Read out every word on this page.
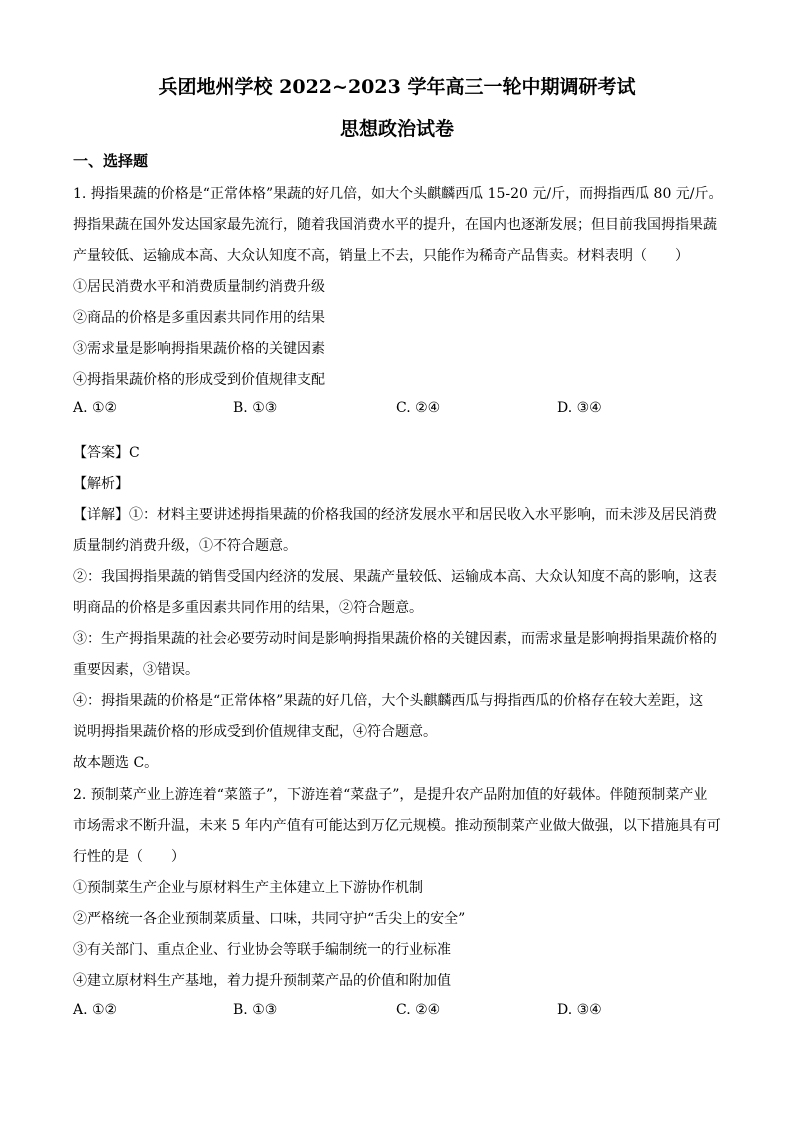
兵团地州学校 2022~2023 学年高三一轮中期调研考试
思想政治试卷
一、选择题
1. 拇指果蔬的价格是“正常体格”果蔬的好几倍，如大个头麒麟西瓜 15-20 元/斤，而拇指西瓜 80 元/斤。
拇指果蔬在国外发达国家最先流行，随着我国消费水平的提升，在国内也逐渐发展；但目前我国拇指果蔬
产量较低、运输成本高、大众认知度不高，销量上不去，只能作为稀奇产品售卖。材料表明（　　）
①居民消费水平和消费质量制约消费升级
②商品的价格是多重因素共同作用的结果
③需求量是影响拇指果蔬价格的关键因素
④拇指果蔬价格的形成受到价值规律支配
A. ①②	B. ①③	C. ②④	D. ③④
【答案】C
【解析】
【详解】①：材料主要讲述拇指果蔬的价格我国的经济发展水平和居民收入水平影响，而未涉及居民消费
质量制约消费升级，①不符合题意。
②：我国拇指果蔬的销售受国内经济的发展、果蔬产量较低、运输成本高、大众认知度不高的影响，这表
明商品的价格是多重因素共同作用的结果，②符合题意。
③：生产拇指果蔬的社会必要劳动时间是影响拇指果蔬价格的关键因素，而需求量是影响拇指果蔬价格的
重要因素，③错误。
④：拇指果蔬的价格是“正常体格”果蔬的好几倍，大个头麒麟西瓜与拇指西瓜的价格存在较大差距，这
说明拇指果蔬价格的形成受到价值规律支配，④符合题意。
故本题选 C。
2. 预制菜产业上游连着“菜篮子”，下游连着“菜盘子”，是提升农产品附加值的好载体。伴随预制菜产业
市场需求不断升温，未来 5 年内产值有可能达到万亿元规模。推动预制菜产业做大做强，以下措施具有可
行性的是（　　）
①预制菜生产企业与原材料生产主体建立上下游协作机制
②严格统一各企业预制菜质量、口味，共同守护“舌尖上的安全”
③有关部门、重点企业、行业协会等联手编制统一的行业标准
④建立原材料生产基地，着力提升预制菜产品的价值和附加值
A. ①②	B. ①③	C. ②④	D. ③④
